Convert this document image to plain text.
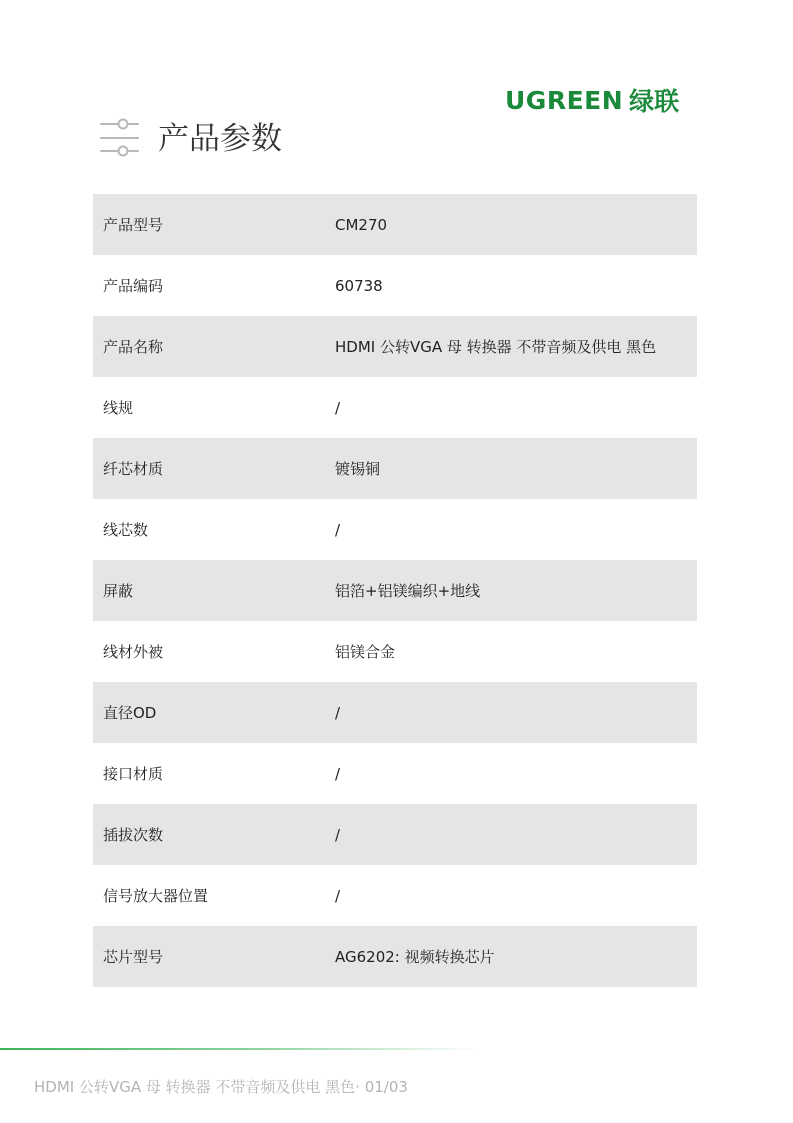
UGREEN 绿联
产品参数
产品型号	CM270
产品编码	60738
产品名称	HDMI 公转VGA 母 转换器 不带音频及供电 黑色
线规	/
纤芯材质	镀锡铜
线芯数	/
屏蔽	铝箔+铝镁编织+地线
线材外被	铝镁合金
直径OD	/
接口材质	/
插拔次数	/
信号放大器位置	/
芯片型号	AG6202: 视频转换芯片
HDMI 公转VGA 母 转换器 不带音频及供电 黑色· 01/03
